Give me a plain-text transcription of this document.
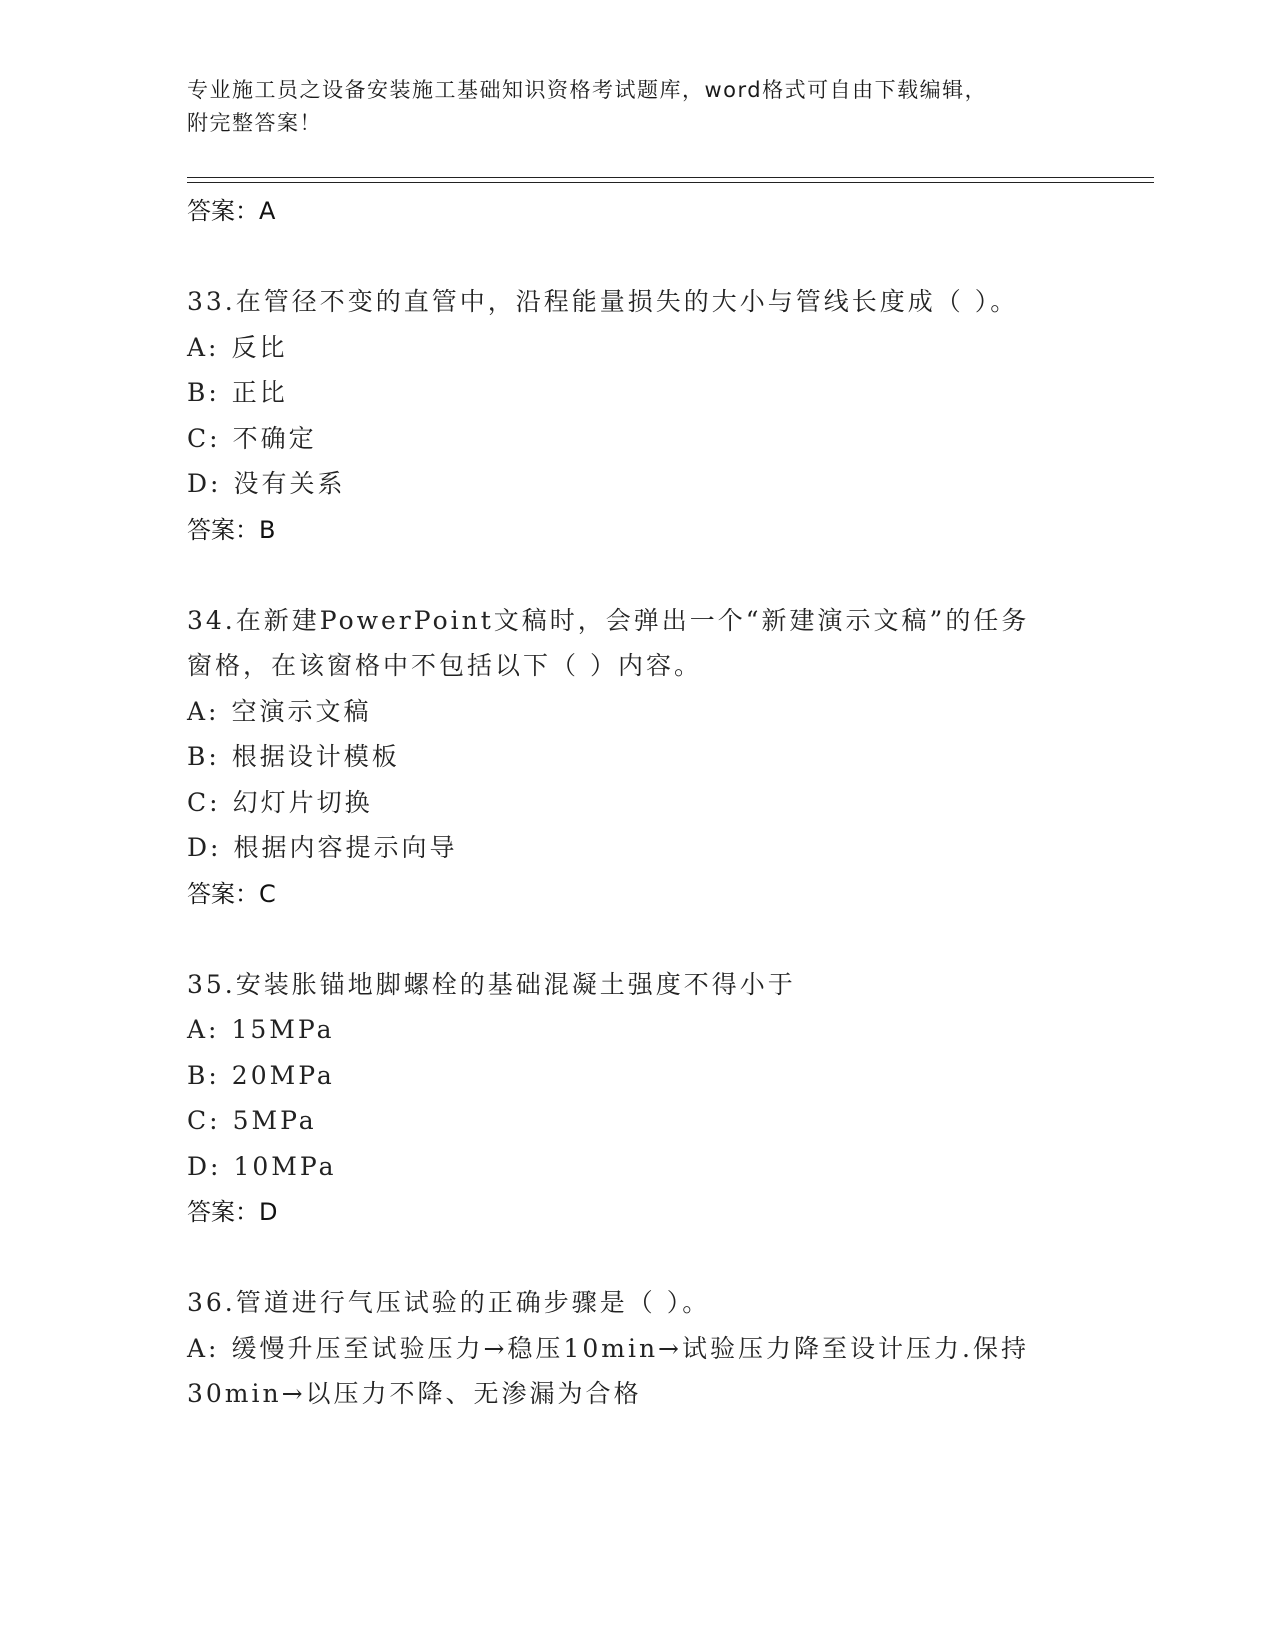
专业施工员之设备安装施工基础知识资格考试题库，word格式可自由下载编辑，
附完整答案！
答案：A
33.在管径不变的直管中，沿程能量损失的大小与管线长度成（ ）。
A: 反比
B: 正比
C: 不确定
D: 没有关系
答案：B
34.在新建PowerPoint文稿时，会弹出一个“新建演示文稿”的任务
窗格，在该窗格中不包括以下（ ）内容。
A: 空演示文稿
B: 根据设计模板
C: 幻灯片切换
D: 根据内容提示向导
答案：C
35.安装胀锚地脚螺栓的基础混凝土强度不得小于
A: 15MPa
B: 20MPa
C: 5MPa
D: 10MPa
答案：D
36.管道进行气压试验的正确步骤是（ ）。
A: 缓慢升压至试验压力→稳压10min→试验压力降至设计压力.保持
30min→以压力不降、无渗漏为合格
